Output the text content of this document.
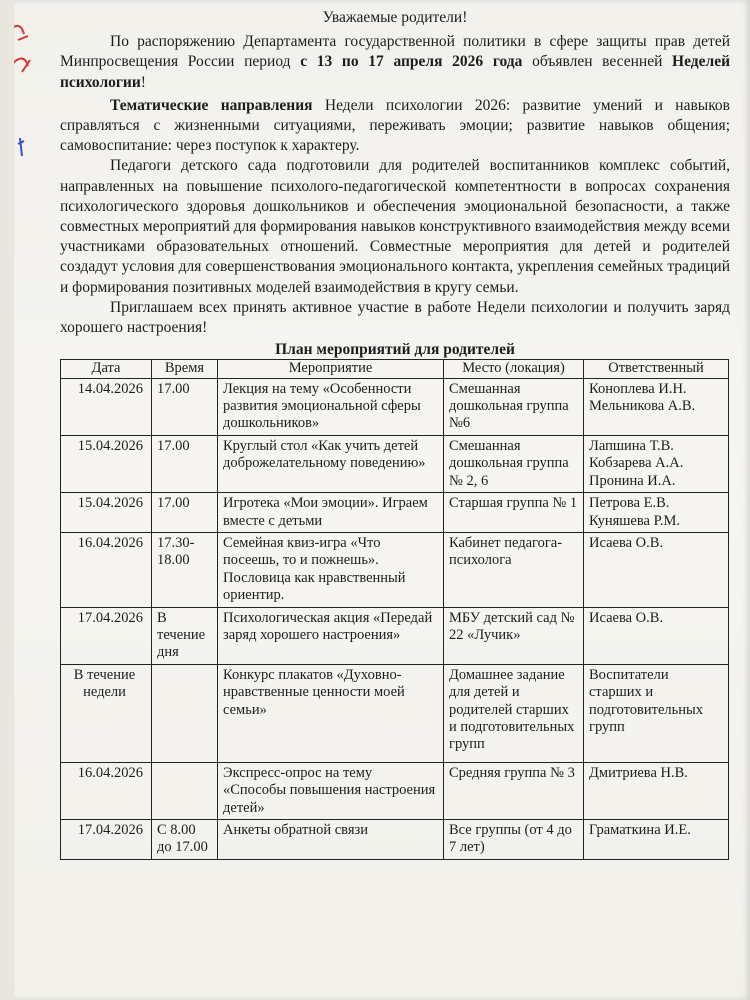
Уважаемые родители!

По распоряжению Департамента государственной политики в сфере защиты прав детей Минпросвещения России период с 13 по 17 апреля 2026 года объявлен весенней Неделей психологии!

Тематические направления Недели психологии 2026: развитие умений и навыков справляться с жизненными ситуациями, переживать эмоции; развитие навыков общения; самовоспитание: через поступок к характеру.

Педагоги детского сада подготовили для родителей воспитанников комплекс событий, направленных на повышение психолого-педагогической компетентности в вопросах сохранения психологического здоровья дошкольников и обеспечения эмоциональной безопасности, а также совместных мероприятий для формирования навыков конструктивного взаимодействия между всеми участниками образовательных отношений. Совместные мероприятия для детей и родителей создадут условия для совершенствования эмоционального контакта, укрепления семейных традиций и формирования позитивных моделей взаимодействия в кругу семьи.

Приглашаем всех принять активное участие в работе Недели психологии и получить заряд хорошего настроения!

План мероприятий для родителей
Дата	Время	Мероприятие	Место (локация)	Ответственный
14.04.2026	17.00	Лекция на тему «Особенности развития эмоциональной сферы дошкольников»	Смешанная дошкольная группа №6	Коноплева И.Н.
Мельникова А.В.
15.04.2026	17.00	Круглый стол «Как учить детей доброжелательному поведению»	Смешанная дошкольная группа № 2, 6	Лапшина Т.В.
Кобзарева А.А.
Пронина И.А.
15.04.2026	17.00	Игротека «Мои эмоции». Играем вместе с детьми	Старшая группа № 1	Петрова Е.В.
Куняшева Р.М.
16.04.2026	17.30-18.00	Семейная квиз-игра «Что посеешь, то и пожнешь». Пословица как нравственный ориентир.	Кабинет педагога-психолога	Исаева О.В.
17.04.2026	В течение дня	Психологическая акция «Передай заряд хорошего настроения»	МБУ детский сад № 22 «Лучик»	Исаева О.В.
В течение недели		Конкурс плакатов «Духовно-нравственные ценности моей семьи»	Домашнее задание для детей и родителей старших и подготовительных групп	Воспитатели старших и подготовительных групп
16.04.2026		Экспресс-опрос на тему «Способы повышения настроения детей»	Средняя группа № 3	Дмитриева Н.В.
17.04.2026	С 8.00 до 17.00	Анкеты обратной связи	Все группы (от 4 до 7 лет)	Граматкина И.Е.
